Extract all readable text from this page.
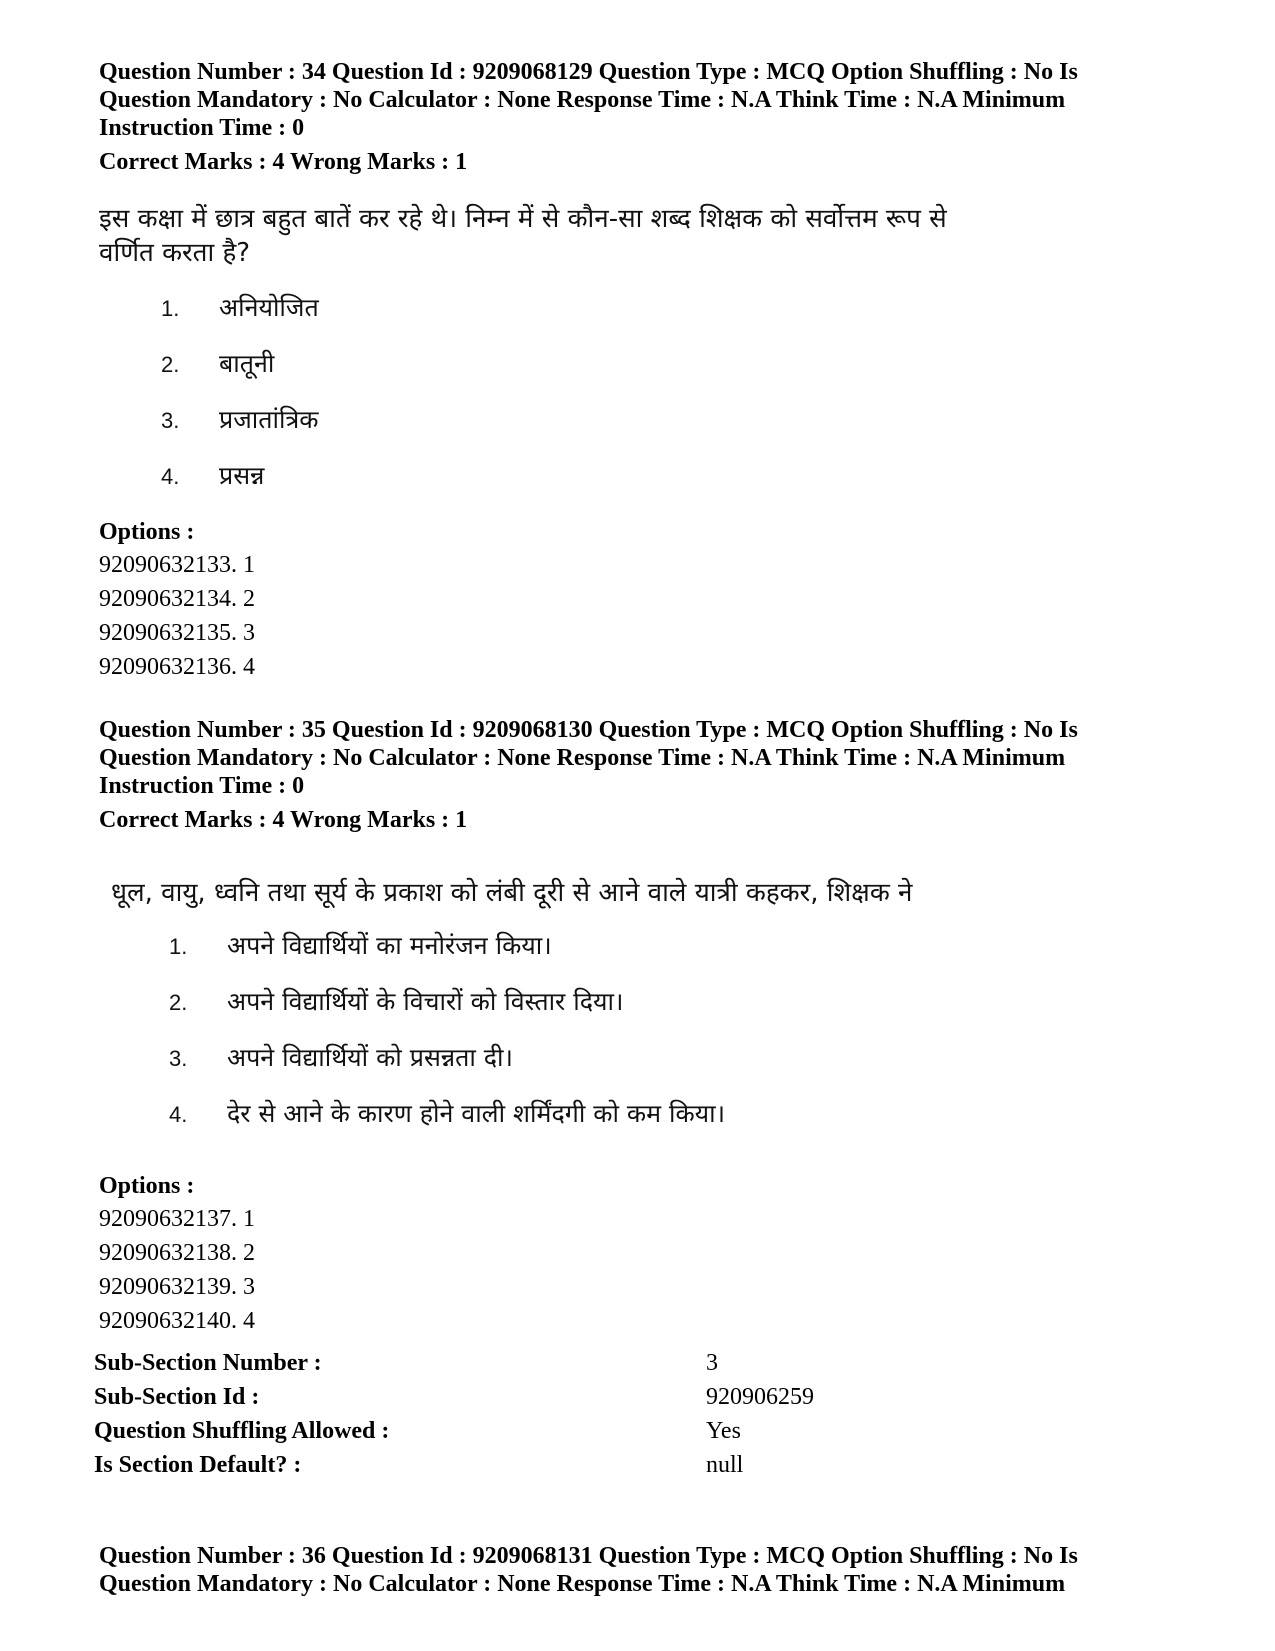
Question Number : 34 Question Id : 9209068129 Question Type : MCQ Option Shuffling : No Is
Question Mandatory : No Calculator : None Response Time : N.A Think Time : N.A Minimum
Instruction Time : 0
Correct Marks : 4 Wrong Marks : 1
इस कक्षा में छात्र बहुत बातें कर रहे थे। निम्न में से कौन-सा शब्द शिक्षक को सर्वोत्तम रूप से
वर्णित करता है?
1.	अनियोजित
2.	बातूनी
3.	प्रजातांत्रिक
4.	प्रसन्न
Options :
92090632133. 1
92090632134. 2
92090632135. 3
92090632136. 4
Question Number : 35 Question Id : 9209068130 Question Type : MCQ Option Shuffling : No Is
Question Mandatory : No Calculator : None Response Time : N.A Think Time : N.A Minimum
Instruction Time : 0
Correct Marks : 4 Wrong Marks : 1
धूल, वायु, ध्वनि तथा सूर्य के प्रकाश को लंबी दूरी से आने वाले यात्री कहकर, शिक्षक ने
1.	अपने विद्यार्थियों का मनोरंजन किया।
2.	अपने विद्यार्थियों के विचारों को विस्तार दिया।
3.	अपने विद्यार्थियों को प्रसन्नता दी।
4.	देर से आने के कारण होने वाली शर्मिंदगी को कम किया।
Options :
92090632137. 1
92090632138. 2
92090632139. 3
92090632140. 4
Sub-Section Number :	3
Sub-Section Id :	920906259
Question Shuffling Allowed :	Yes
Is Section Default? :	null
Question Number : 36 Question Id : 9209068131 Question Type : MCQ Option Shuffling : No Is
Question Mandatory : No Calculator : None Response Time : N.A Think Time : N.A Minimum
